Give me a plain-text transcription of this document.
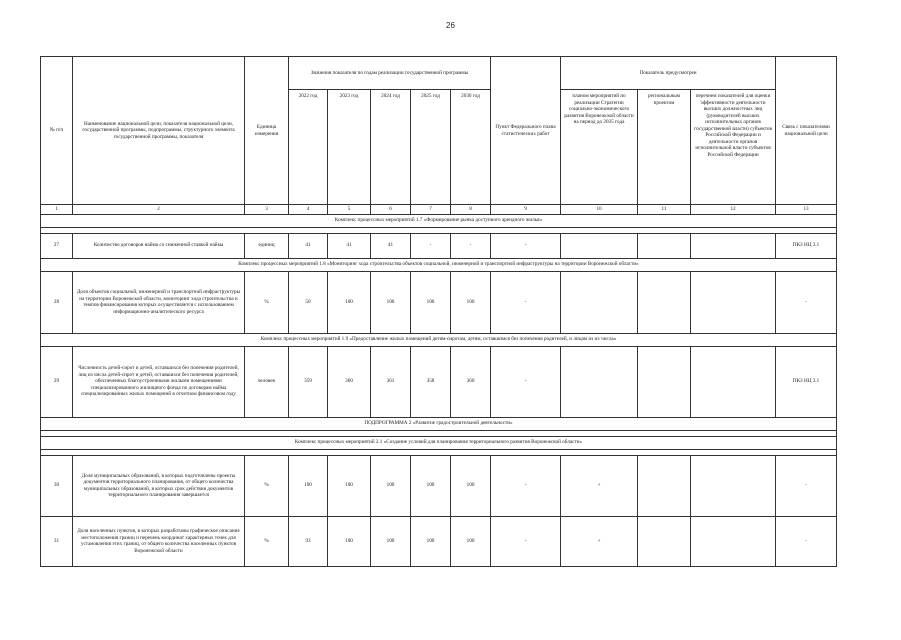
26
№ п/п	Наименование национальной цели, показателя национальной цели, государственной программы, подпрограммы, структурного элемента государственной программы, показателя	Единица измерения	Значения показателя по годам реализации государственной программы					Пункт Федерального плана статистических работ	Показатель предусмотрен			Связь с показателями национальной цели
			2022 год	2023 год	2024 год	2025 год	2030 год		планом мероприятий по реализации Стратегии социально-экономического развития Воронежской области на период до 2035 года	региональным проектом	перечнем показателей для оценки эффективности деятельности высших должностных лиц (руководителей высших исполнительных органов государственной власти) субъектов Российской Федерации и деятельности органов исполнительной власти субъектов Российской Федерации	
1	2	3	4	5	6	7	8	9	10	11	12	13
Комплекс процессных мероприятий 1.7 «Формирование рынка доступного арендного жилья»												

27	Количество договоров найма со сниженной ставкой найма	единиц	41	41	41	-	-	-				ПКЗ НЦ 3.1
Комплекс процессных мероприятий 1.8 «Мониторинг хода строительства объектов социальной, инженерной и транспортной инфраструктуры на территории Воронежской области»												
28	Доля объектов социальной, инженерной и транспортной инфраструктуры на территории Воронежской области, мониторинг хода строительства и темпов финансирования которых осуществляется с использованием информационно-аналитического ресурса	%	50	100	100	100	100	-				-
Комплекс процессных мероприятий 1.9 «Предоставление жилых помещений детям-сиротам, детям, оставшимся без попечения родителей, и лицам из их числа»												
29	Численность детей-сирот и детей, оставшихся без попечения родителей, лиц из числа детей-сирот и детей, оставшихся без попечения родителей, обеспеченных благоустроенными жилыми помещениями специализированного жилищного фонда по договорам найма специализированных жилых помещений в отчетном финансовом году	человек	359	360	361	358	360	-				ПКЗ НЦ 3.1
ПОДПРОГРАММА 2 «Развитие градостроительной деятельности»												

Комплекс процессных мероприятий 2.1 «Создание условий для планирования территориального развития Воронежской области»												

30	Доля муниципальных образований, в которых подготовлены проекты документов территориального планирования, от общего количества муниципальных образований, в которых срок действия документов территориального планирования завершается	%	100	100	100	100	100	-	+			-
31	Доля населенных пунктов, в которых разработаны графическое описание местоположения границ и перечень координат характерных точек для установления этих границ, от общего количества населенных пунктов Воронежской области	%	93	100	100	100	100	-	+			-
